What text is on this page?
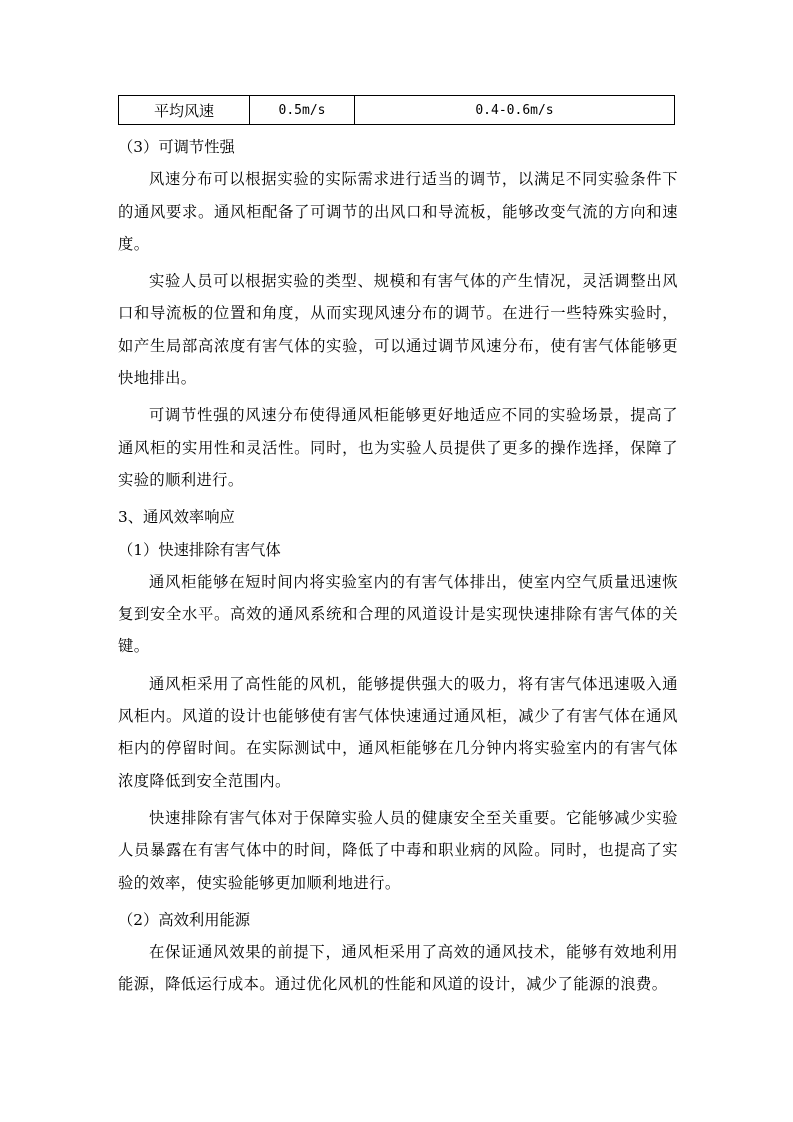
平均风速	0.5m/s	0.4-0.6m/s

（3）可调节性强

风速分布可以根据实验的实际需求进行适当的调节，以满足不同实验条件下的通风要求。通风柜配备了可调节的出风口和导流板，能够改变气流的方向和速度。

实验人员可以根据实验的类型、规模和有害气体的产生情况，灵活调整出风口和导流板的位置和角度，从而实现风速分布的调节。在进行一些特殊实验时，如产生局部高浓度有害气体的实验，可以通过调节风速分布，使有害气体能够更快地排出。

可调节性强的风速分布使得通风柜能够更好地适应不同的实验场景，提高了通风柜的实用性和灵活性。同时，也为实验人员提供了更多的操作选择，保障了实验的顺利进行。

3、通风效率响应

（1）快速排除有害气体

通风柜能够在短时间内将实验室内的有害气体排出，使室内空气质量迅速恢复到安全水平。高效的通风系统和合理的风道设计是实现快速排除有害气体的关键。

通风柜采用了高性能的风机，能够提供强大的吸力，将有害气体迅速吸入通风柜内。风道的设计也能够使有害气体快速通过通风柜，减少了有害气体在通风柜内的停留时间。在实际测试中，通风柜能够在几分钟内将实验室内的有害气体浓度降低到安全范围内。

快速排除有害气体对于保障实验人员的健康安全至关重要。它能够减少实验人员暴露在有害气体中的时间，降低了中毒和职业病的风险。同时，也提高了实验的效率，使实验能够更加顺利地进行。

（2）高效利用能源

在保证通风效果的前提下，通风柜采用了高效的通风技术，能够有效地利用能源，降低运行成本。通过优化风机的性能和风道的设计，减少了能源的浪费。
